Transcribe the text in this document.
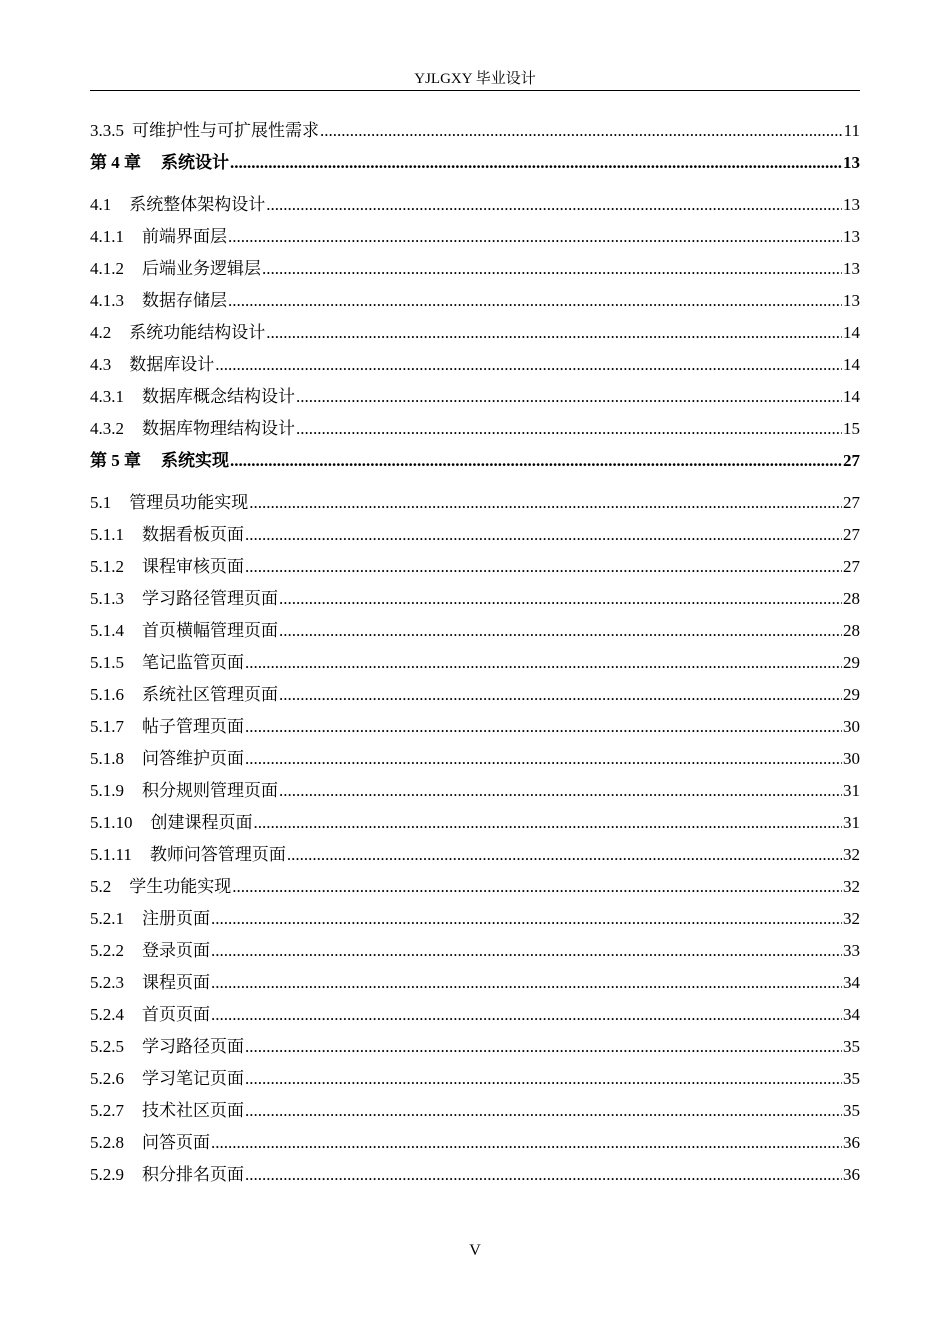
YJLGXY 毕业设计
3.3.5 可维护性与可扩展性需求 .....	11
第 4 章 系统设计 .....	13
4.1 系统整体架构设计 .....	13
4.1.1 前端界面层 .....	13
4.1.2 后端业务逻辑层 .....	13
4.1.3 数据存储层 .....	13
4.2 系统功能结构设计 .....	14
4.3 数据库设计 .....	14
4.3.1 数据库概念结构设计 .....	14
4.3.2 数据库物理结构设计 .....	15
第 5 章 系统实现 .....	27
5.1 管理员功能实现 .....	27
5.1.1 数据看板页面 .....	27
5.1.2 课程审核页面 .....	27
5.1.3 学习路径管理页面 .....	28
5.1.4 首页横幅管理页面 .....	28
5.1.5 笔记监管页面 .....	29
5.1.6 系统社区管理页面 .....	29
5.1.7 帖子管理页面 .....	30
5.1.8 问答维护页面 .....	30
5.1.9 积分规则管理页面 .....	31
5.1.10 创建课程页面 .....	31
5.1.11 教师问答管理页面 .....	32
5.2 学生功能实现 .....	32
5.2.1 注册页面 .....	32
5.2.2 登录页面 .....	33
5.2.3 课程页面 .....	34
5.2.4 首页页面 .....	34
5.2.5 学习路径页面 .....	35
5.2.6 学习笔记页面 .....	35
5.2.7 技术社区页面 .....	35
5.2.8 问答页面 .....	36
5.2.9 积分排名页面 .....	36
V
